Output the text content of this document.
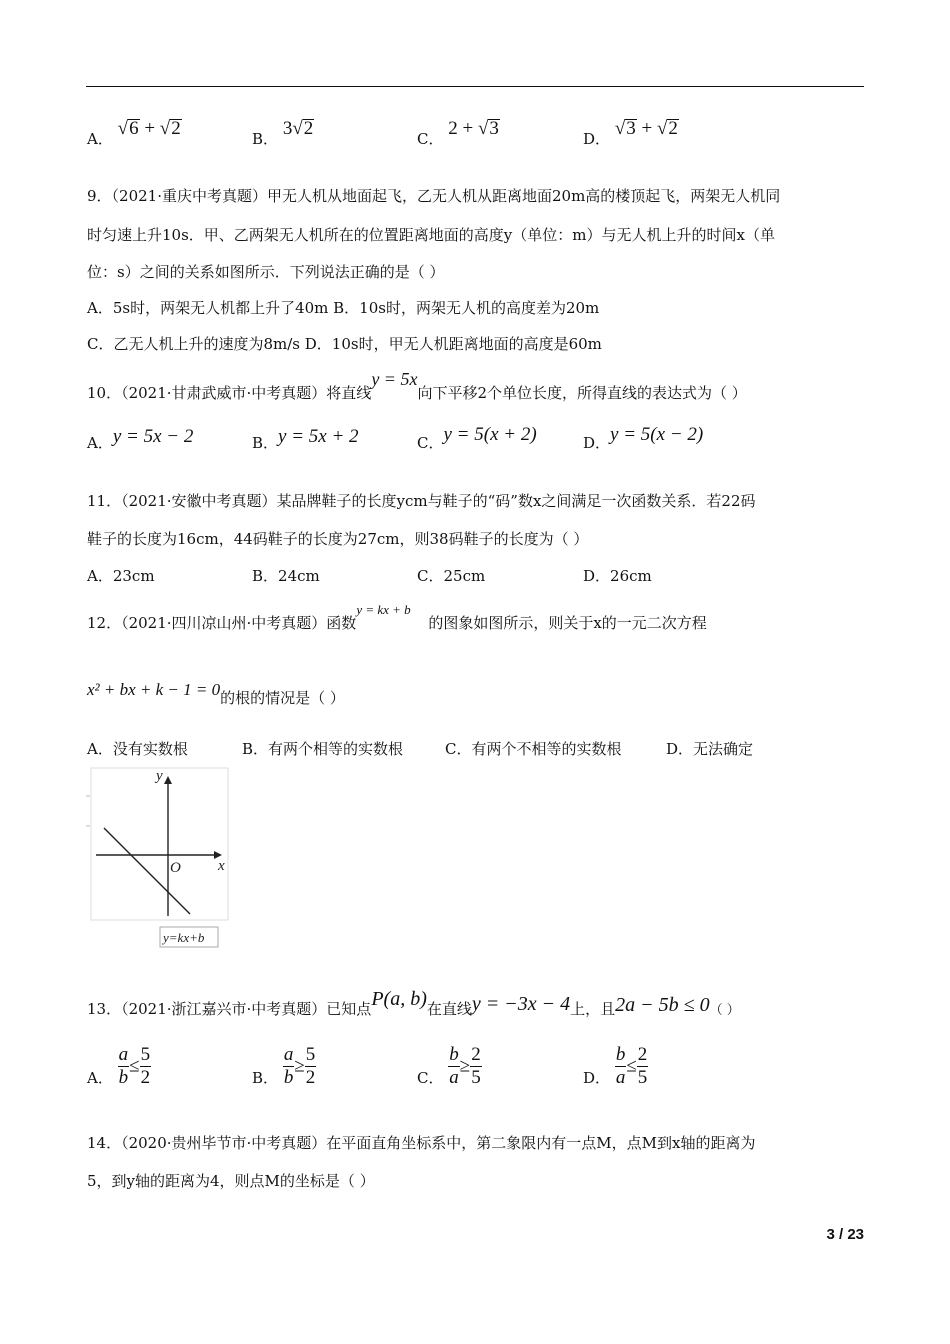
A． √6 + √2	B． 3√2	C． 2 + √3	D． √3 + √2
9．（2021·重庆中考真题）甲无人机从地面起飞，乙无人机从距离地面20m高的楼顶起飞，两架无人机同
时匀速上升10s．甲、乙两架无人机所在的位置距离地面的高度y（单位：m）与无人机上升的时间x（单
位：s）之间的关系如图所示．下列说法正确的是（ ）
A．5s时，两架无人机都上升了40m B．10s时，两架无人机的高度差为20m
C．乙无人机上升的速度为8m/s D．10s时，甲无人机距离地面的高度是60m
10．（2021·甘肃武威市·中考真题）将直线y = 5x向下平移2个单位长度，所得直线的表达式为（ ）
A．y = 5x − 2	B．y = 5x + 2	C．y = 5(x + 2)	D．y = 5(x − 2)
11．（2021·安徽中考真题）某品牌鞋子的长度ycm与鞋子的“码”数x之间满足一次函数关系．若22码
鞋子的长度为16cm，44码鞋子的长度为27cm，则38码鞋子的长度为（ ）
A．23cm	B．24cm	C．25cm	D．26cm
12．（2021·四川凉山州·中考真题）函数y = kx + b的图象如图所示，则关于x的一元二次方程
x² + bx + k − 1 = 0的根的情况是（ ）
A．没有实数根	B．有两个相等的实数根	C．有两个不相等的实数根	D．无法确定
y
x
O
y=kx+b
13．（2021·浙江嘉兴市·中考真题）已知点P(a, b)在直线y = −3x − 4上，且2a − 5b ≤ 0（ ）
A． $\frac{a}{b} \le \frac{5}{2}$	B． $\frac{a}{b} \ge \frac{5}{2}$	C． $\frac{b}{a} \ge \frac{2}{5}$	D． $\frac{b}{a} \le \frac{2}{5}$
14．（2020·贵州毕节市·中考真题）在平面直角坐标系中，第二象限内有一点M，点M到x轴的距离为
5，到y轴的距离为4，则点M的坐标是（ ）
3 / 23
